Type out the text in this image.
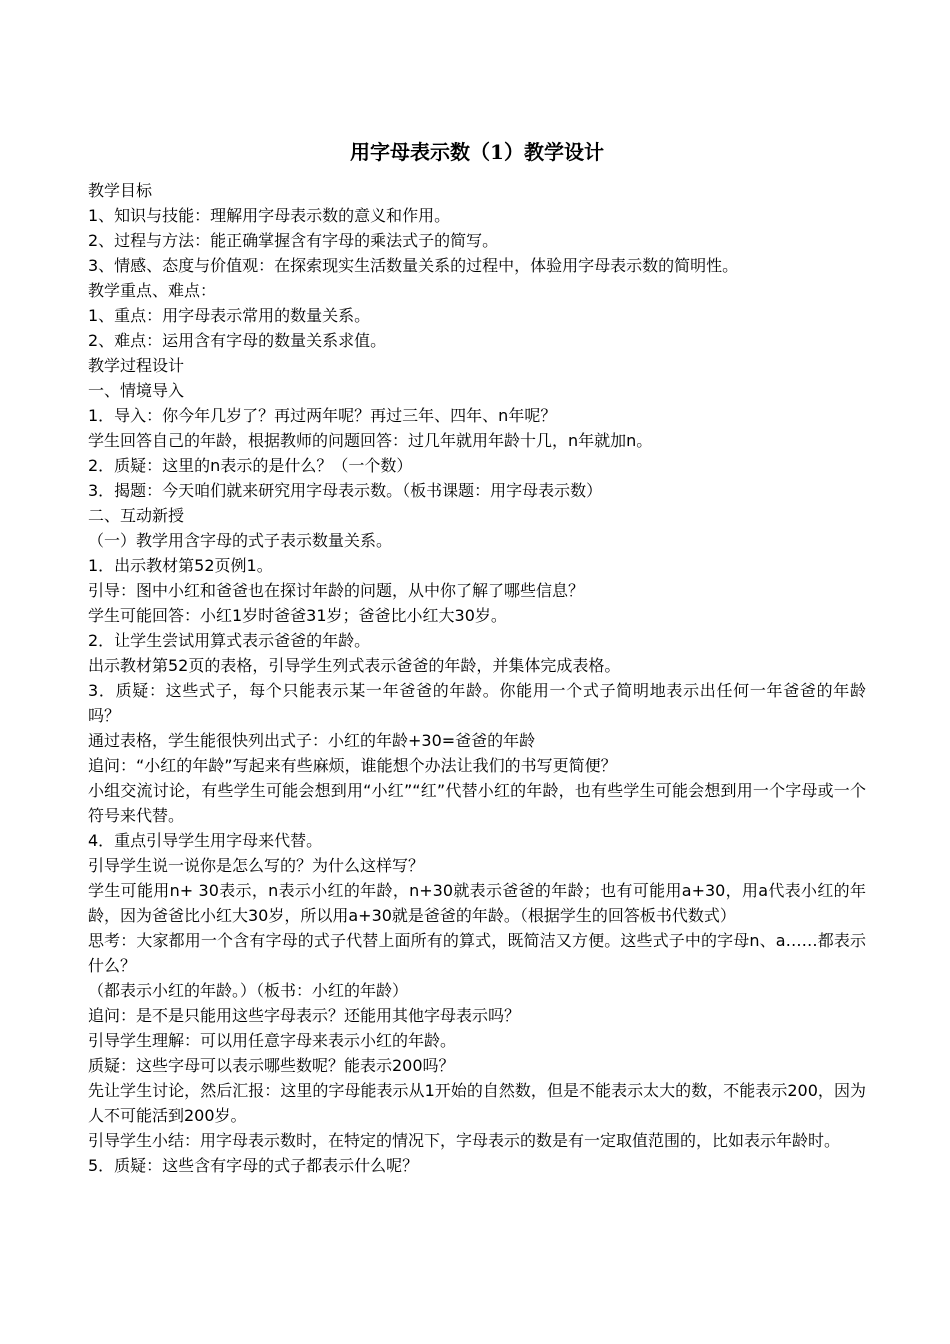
用字母表示数（1）教学设计

教学目标

1、知识与技能：理解用字母表示数的意义和作用。

2、过程与方法：能正确掌握含有字母的乘法式子的简写。

3、情感、态度与价值观：在探索现实生活数量关系的过程中，体验用字母表示数的简明性。

教学重点、难点：

1、重点：用字母表示常用的数量关系。

2、难点：运用含有字母的数量关系求值。

教学过程设计

一、情境导入

1．导入：你今年几岁了？再过两年呢？再过三年、四年、n年呢？

学生回答自己的年龄，根据教师的问题回答：过几年就用年龄十几，n年就加n。

2．质疑：这里的n表示的是什么？（一个数）

3．揭题：今天咱们就来研究用字母表示数。（板书课题：用字母表示数）

二、互动新授

（一）教学用含字母的式子表示数量关系。

1．出示教材第52页例1。

引导：图中小红和爸爸也在探讨年龄的问题，从中你了解了哪些信息？

学生可能回答：小红1岁时爸爸31岁；爸爸比小红大30岁。

2．让学生尝试用算式表示爸爸的年龄。

出示教材第52页的表格，引导学生列式表示爸爸的年龄，并集体完成表格。

3．质疑：这些式子，每个只能表示某一年爸爸的年龄。你能用一个式子简明地表示出任何一年爸爸的年龄吗？

通过表格，学生能很快列出式子：小红的年龄+30=爸爸的年龄

追问：“小红的年龄”写起来有些麻烦，谁能想个办法让我们的书写更简便？

小组交流讨论，有些学生可能会想到用“小红”“红”代替小红的年龄，也有些学生可能会想到用一个字母或一个符号来代替。

4．重点引导学生用字母来代替。

引导学生说一说你是怎么写的？为什么这样写？

学生可能用n+ 30表示，n表示小红的年龄，n+30就表示爸爸的年龄；也有可能用a+30，用a代表小红的年龄，因为爸爸比小红大30岁，所以用a+30就是爸爸的年龄。（根据学生的回答板书代数式）

思考：大家都用一个含有字母的式子代替上面所有的算式，既简洁又方便。这些式子中的字母n、a……都表示什么？

（都表示小红的年龄。）（板书：小红的年龄）

追问：是不是只能用这些字母表示？还能用其他字母表示吗？

引导学生理解：可以用任意字母来表示小红的年龄。

质疑：这些字母可以表示哪些数呢？能表示200吗？

先让学生讨论，然后汇报：这里的字母能表示从1开始的自然数，但是不能表示太大的数，不能表示200，因为人不可能活到200岁。

引导学生小结：用字母表示数时，在特定的情况下，字母表示的数是有一定取值范围的，比如表示年龄时。

5．质疑：这些含有字母的式子都表示什么呢？
